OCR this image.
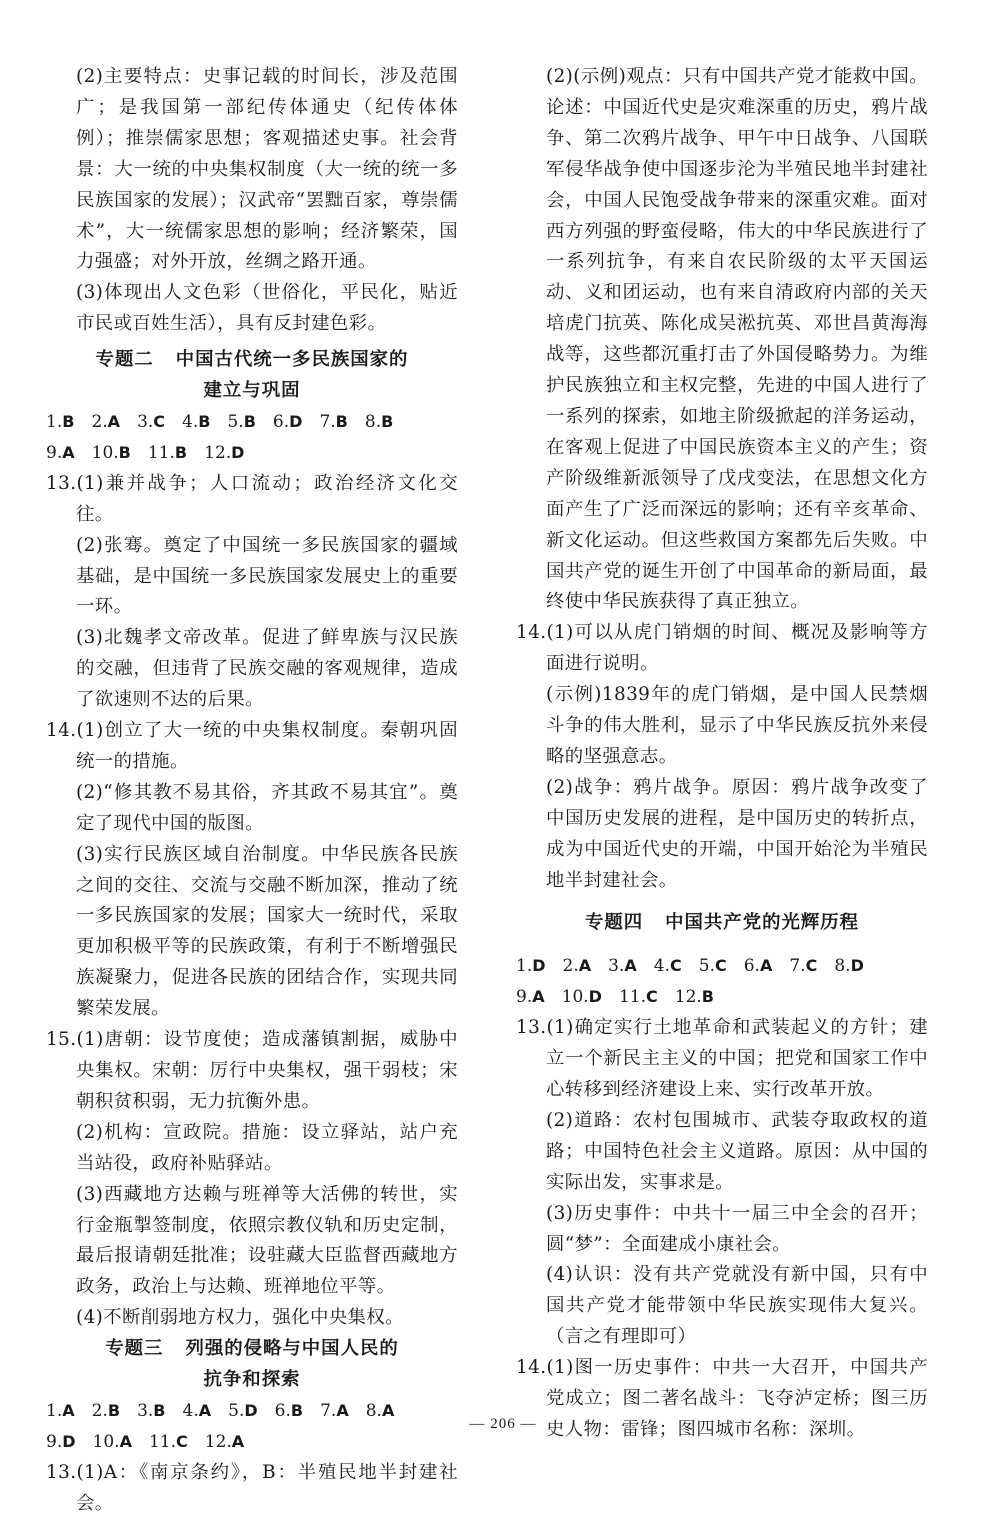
(2)主要特点：史事记载的时间长，涉及范围广；是我国第一部纪传体通史（纪传体体例）；推崇儒家思想；客观描述史事。社会背景：大一统的中央集权制度（大一统的统一多民族国家的发展）；汉武帝“罢黜百家，尊崇儒术”，大一统儒家思想的影响；经济繁荣，国力强盛；对外开放，丝绸之路开通。

(3)体现出人文色彩（世俗化，平民化，贴近市民或百姓生活），具有反封建色彩。

专题二 中国古代统一多民族国家的
建立与巩固
1.B 2.A 3.C 4.B 5.B 6.D 7.B 8.B
9.A 10.B 11.B 12.D

13.(1)兼并战争；人口流动；政治经济文化交往。

(2)张骞。奠定了中国统一多民族国家的疆域基础，是中国统一多民族国家发展史上的重要一环。

(3)北魏孝文帝改革。促进了鲜卑族与汉民族的交融，但违背了民族交融的客观规律，造成了欲速则不达的后果。

14.(1)创立了大一统的中央集权制度。秦朝巩固统一的措施。

(2)“修其教不易其俗，齐其政不易其宜”。奠定了现代中国的版图。

(3)实行民族区域自治制度。中华民族各民族之间的交往、交流与交融不断加深，推动了统一多民族国家的发展；国家大一统时代，采取更加积极平等的民族政策，有利于不断增强民族凝聚力，促进各民族的团结合作，实现共同繁荣发展。

15.(1)唐朝：设节度使；造成藩镇割据，威胁中央集权。宋朝：厉行中央集权，强干弱枝；宋朝积贫积弱，无力抗衡外患。

(2)机构：宣政院。措施：设立驿站，站户充当站役，政府补贴驿站。

(3)西藏地方达赖与班禅等大活佛的转世，实行金瓶掣签制度，依照宗教仪轨和历史定制，最后报请朝廷批准；设驻藏大臣监督西藏地方政务，政治上与达赖、班禅地位平等。

(4)不断削弱地方权力，强化中央集权。

专题三 列强的侵略与中国人民的
抗争和探索
1.A 2.B 3.B 4.A 5.D 6.B 7.A 8.A
9.D 10.A 11.C 12.A

13.(1)A：《南京条约》，B：半殖民地半封建社会。

(2)(示例)观点：只有中国共产党才能救中国。论述：中国近代史是灾难深重的历史，鸦片战争、第二次鸦片战争、甲午中日战争、八国联军侵华战争使中国逐步沦为半殖民地半封建社会，中国人民饱受战争带来的深重灾难。面对西方列强的野蛮侵略，伟大的中华民族进行了一系列抗争，有来自农民阶级的太平天国运动、义和团运动，也有来自清政府内部的关天培虎门抗英、陈化成吴淞抗英、邓世昌黄海海战等，这些都沉重打击了外国侵略势力。为维护民族独立和主权完整，先进的中国人进行了一系列的探索，如地主阶级掀起的洋务运动，在客观上促进了中国民族资本主义的产生；资产阶级维新派领导了戊戌变法，在思想文化方面产生了广泛而深远的影响；还有辛亥革命、新文化运动。但这些救国方案都先后失败。中国共产党的诞生开创了中国革命的新局面，最终使中华民族获得了真正独立。

14.(1)可以从虎门销烟的时间、概况及影响等方面进行说明。

(示例)1839年的虎门销烟，是中国人民禁烟斗争的伟大胜利，显示了中华民族反抗外来侵略的坚强意志。

(2)战争：鸦片战争。原因：鸦片战争改变了中国历史发展的进程，是中国历史的转折点，成为中国近代史的开端，中国开始沦为半殖民地半封建社会。

专题四 中国共产党的光辉历程
1.D 2.A 3.A 4.C 5.C 6.A 7.C 8.D
9.A 10.D 11.C 12.B

13.(1)确定实行土地革命和武装起义的方针；建立一个新民主主义的中国；把党和国家工作中心转移到经济建设上来、实行改革开放。

(2)道路：农村包围城市、武装夺取政权的道路；中国特色社会主义道路。原因：从中国的实际出发，实事求是。

(3)历史事件：中共十一届三中全会的召开；圆“梦”：全面建成小康社会。

(4)认识：没有共产党就没有新中国，只有中国共产党才能带领中华民族实现伟大复兴。（言之有理即可）

14.(1)图一历史事件：中共一大召开，中国共产党成立；图二著名战斗：飞夺泸定桥；图三历史人物：雷锋；图四城市名称：深圳。

— 206 —
